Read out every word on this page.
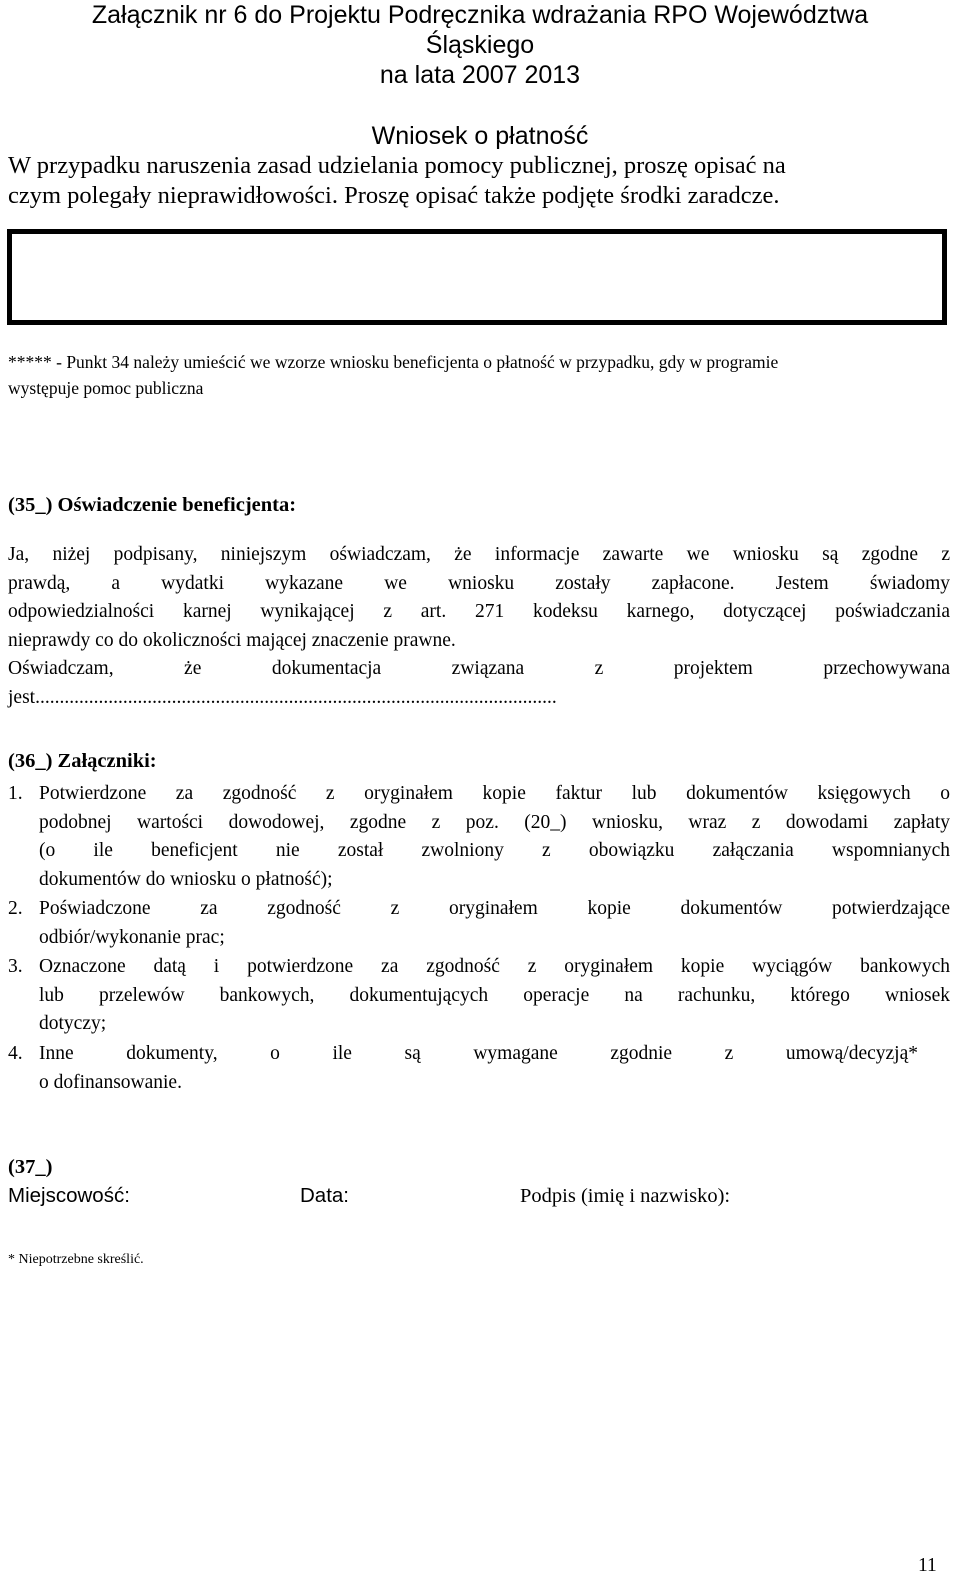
Załącznik nr 6 do Projektu Podręcznika wdrażania RPO Województwa
Śląskiego
na lata 2007 2013
Wniosek o płatność
W przypadku naruszenia zasad udzielania pomocy publicznej, proszę opisać na
czym polegały nieprawidłowości. Proszę opisać także podjęte środki zaradcze.
***** - Punkt 34 należy umieścić we wzorze wniosku beneficjenta o płatność w przypadku, gdy w programie
występuje pomoc publiczna
(35_) Oświadczenie beneficjenta:
Ja, niżej podpisany, niniejszym oświadczam, że informacje zawarte we wniosku są zgodne z
prawdą, a wydatki wykazane we wniosku zostały zapłacone. Jestem świadomy
odpowiedzialności karnej wynikającej z art. 271 kodeksu karnego, dotyczącej poświadczania
nieprawdy co do okoliczności mającej znaczenie prawne.
Oświadczam, że dokumentacja związana z projektem przechowywana
jest...........................................................................................................
(36_) Załączniki:
1. Potwierdzone za zgodność z oryginałem kopie faktur lub dokumentów księgowych o
podobnej wartości dowodowej, zgodne z poz. (20_) wniosku, wraz z dowodami zapłaty
(o ile beneficjent nie został zwolniony z obowiązku załączania wspomnianych
dokumentów do wniosku o płatność);
2. Poświadczone za zgodność z oryginałem kopie dokumentów potwierdzające
odbiór/wykonanie prac;
3. Oznaczone datą i potwierdzone za zgodność z oryginałem kopie wyciągów bankowych
lub przelewów bankowych, dokumentujących operacje na rachunku, którego wniosek
dotyczy;
4. Inne dokumenty, o ile są wymagane zgodnie z umową/decyzją*
o dofinansowanie.
(37_)
Miejscowość:	Data:	Podpis (imię i nazwisko):
* Niepotrzebne skreślić.
11
